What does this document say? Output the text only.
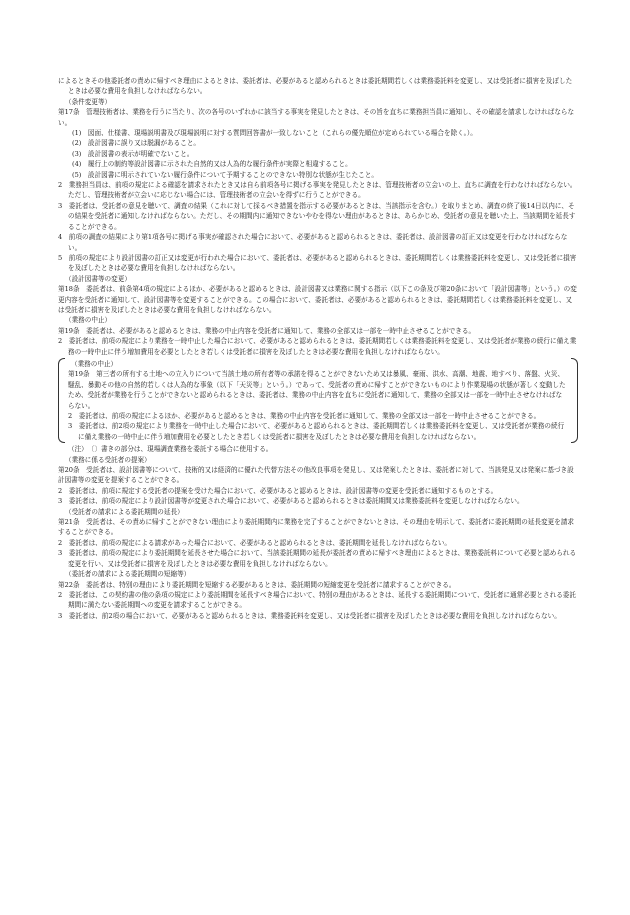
によるときその他委託者の責めに帰すべき理由によるときは、委託者は、必要があると認められるときは委託期間若しくは業務委託料を変更し、又は受託者に損害を及ぼしたときは必要な費用を負担しなければならない。
（条件変更等）
第17条　管理技術者は、業務を行うに当たり、次の各号のいずれかに該当する事実を発見したときは、その旨を直ちに業務担当員に通知し、その確認を請求しなければならない。
(1)　図面、仕様書、現場説明書及び現場説明に対する質問回答書が一致しないこと（これらの優先順位が定められている場合を除く。）。
(2)　設計図書に誤り又は脱漏があること。
(3)　設計図書の表示が明確でないこと。
(4)　履行上の制約等設計図書に示された自然的又は人為的な履行条件が実際と相違すること。
(5)　設計図書に明示されていない履行条件について予期することのできない特別な状態が生じたこと。
2　業務担当員は、前項の規定による確認を請求されたとき又は自ら前項各号に掲げる事実を発見したときは、管理技術者の立会いの上、直ちに調査を行わなければならない。ただし、管理技術者が立会いに応じない場合には、管理技術者の立会いを得ずに行うことができる。
3　委託者は、受託者の意見を聴いて、調査の結果（これに対して採るべき措置を指示する必要があるときは、当該指示を含む。）を取りまとめ、調査の終了後14日以内に、その結果を受託者に通知しなければならない。ただし、その期間内に通知できないやむを得ない理由があるときは、あらかじめ、受託者の意見を聴いた上、当該期間を延長することができる。
4　前項の調査の結果により第1項各号に掲げる事実が確認された場合において、必要があると認められるときは、委託者は、設計図書の訂正又は変更を行わなければならない。
5　前項の規定により設計図書の訂正又は変更が行われた場合において、委託者は、必要があると認められるときは、委託期間若しくは業務委託料を変更し、又は受託者に損害を及ぼしたときは必要な費用を負担しなければならない。
（設計図書等の変更）
第18条　委託者は、前条第4項の規定によるほか、必要があると認めるときは、設計図書又は業務に関する指示（以下この条及び第20条において「設計図書等」という。）の変更内容を受託者に通知して、設計図書等を変更することができる。この場合において、委託者は、必要があると認められるときは、委託期間若しくは業務委託料を変更し、又は受託者に損害を及ぼしたときは必要な費用を負担しなければならない。
（業務の中止）
第19条　委託者は、必要があると認めるときは、業務の中止内容を受託者に通知して、業務の全部又は一部を一時中止させることができる。
2　委託者は、前項の規定により業務を一時中止した場合において、必要があると認められるときは、委託期間若しくは業務委託料を変更し、又は受託者が業務の続行に備え業務の一時中止に伴う増加費用を必要としたとき若しくは受託者に損害を及ぼしたときは必要な費用を負担しなければならない。
（業務の中止）
第19条　第三者の所有する土地への立入りについて当該土地の所有者等の承諾を得ることができないため又は暴風、豪雨、洪水、高潮、地震、地すべり、落盤、火災、騒乱、暴動その他の自然的若しくは人為的な事象（以下「天災等」という。）であって、受託者の責めに帰すことができないものにより作業現場の状態が著しく変動したため、受託者が業務を行うことができないと認められるときは、委託者は、業務の中止内容を直ちに受託者に通知して、業務の全部又は一部を一時中止させなければならない。
2　委託者は、前項の規定によるほか、必要があると認めるときは、業務の中止内容を受託者に通知して、業務の全部又は一部を一時中止させることができる。
3　委託者は、前2項の規定により業務を一時中止した場合において、必要があると認められるときは、委託期間若しくは業務委託料を変更し、又は受託者が業務の続行に備え業務の一時中止に伴う増加費用を必要としたとき若しくは受託者に損害を及ぼしたときは必要な費用を負担しなければならない。
（注）　〔〕書きの部分は、現場調査業務を委託する場合に使用する。
（業務に係る受託者の提案）
第20条　受託者は、設計図書等について、技術的又は経済的に優れた代替方法その他改良事項を発見し、又は発案したときは、委託者に対して、当該発見又は発案に基づき設計図書等の変更を提案することができる。
2　委託者は、前項に規定する受託者の提案を受けた場合において、必要があると認めるときは、設計図書等の変更を受託者に通知するものとする。
3　委託者は、前項の規定により設計図書等が変更された場合において、必要があると認められるときは委託期間又は業務委託料を変更しなければならない。
（受託者の請求による委託期間の延長）
第21条　受託者は、その責めに帰すことができない理由により委託期間内に業務を完了することができないときは、その理由を明示して、委託者に委託期間の延長変更を請求することができる。
2　委託者は、前項の規定による請求があった場合において、必要があると認められるときは、委託期間を延長しなければならない。
3　委託者は、前項の規定により委託期間を延長させた場合において、当該委託期間の延長が委託者の責めに帰すべき理由によるときは、業務委託料について必要と認められる変更を行い、又は受託者に損害を及ぼしたときは必要な費用を負担しなければならない。
（委託者の請求による委託期間の短縮等）
第22条　委託者は、特別の理由により委託期間を短縮する必要があるときは、委託期間の短縮変更を受託者に請求することができる。
2　委託者は、この契約書の他の条項の規定により委託期間を延長すべき場合において、特別の理由があるときは、延長する委託期間について、受託者に通常必要とされる委託期間に満たない委託期間への変更を請求することができる。
3　委託者は、前2項の場合において、必要があると認められるときは、業務委託料を変更し、又は受託者に損害を及ぼしたときは必要な費用を負担しなければならない。
